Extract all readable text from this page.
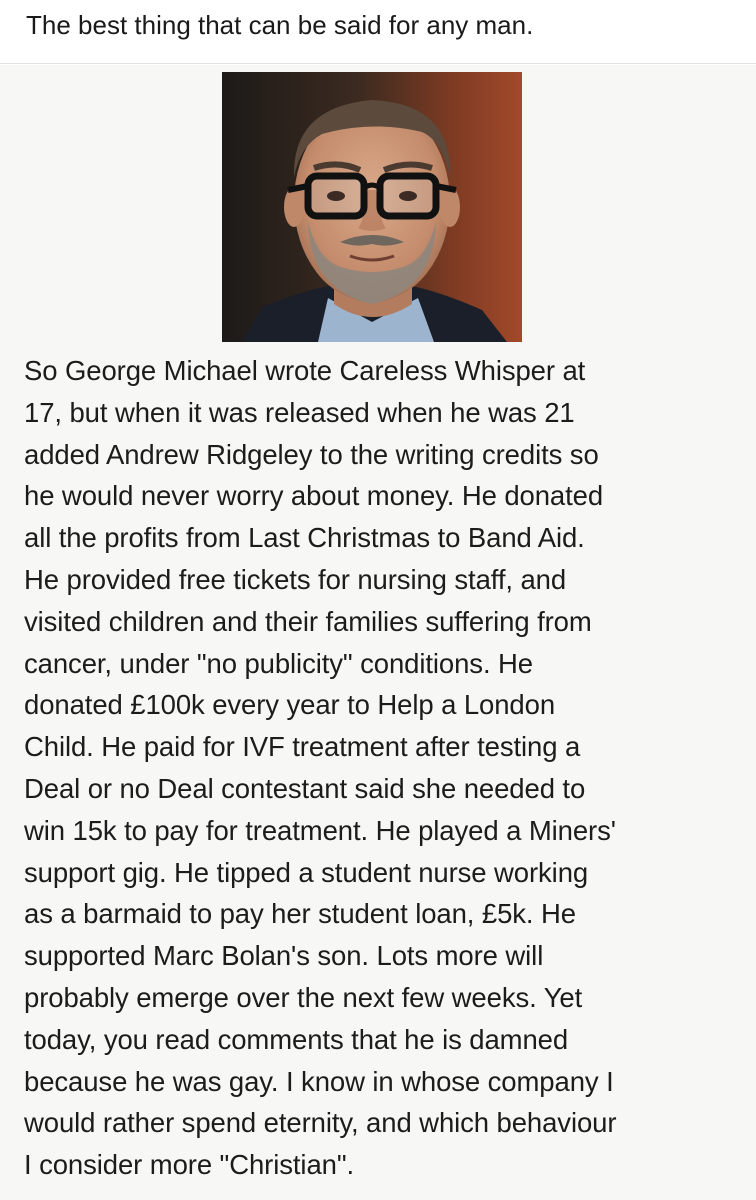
The best thing that can be said for any man.
So George Michael wrote Careless Whisper at
17, but when it was released when he was 21
added Andrew Ridgeley to the writing credits so
he would never worry about money. He donated
all the profits from Last Christmas to Band Aid.
He provided free tickets for nursing staff, and
visited children and their families suffering from
cancer, under "no publicity" conditions. He
donated £100k every year to Help a London
Child. He paid for IVF treatment after testing a
Deal or no Deal contestant said she needed to
win 15k to pay for treatment. He played a Miners'
support gig. He tipped a student nurse working
as a barmaid to pay her student loan, £5k. He
supported Marc Bolan's son. Lots more will
probably emerge over the next few weeks. Yet
today, you read comments that he is damned
because he was gay. I know in whose company I
would rather spend eternity, and which behaviour
I consider more "Christian".
